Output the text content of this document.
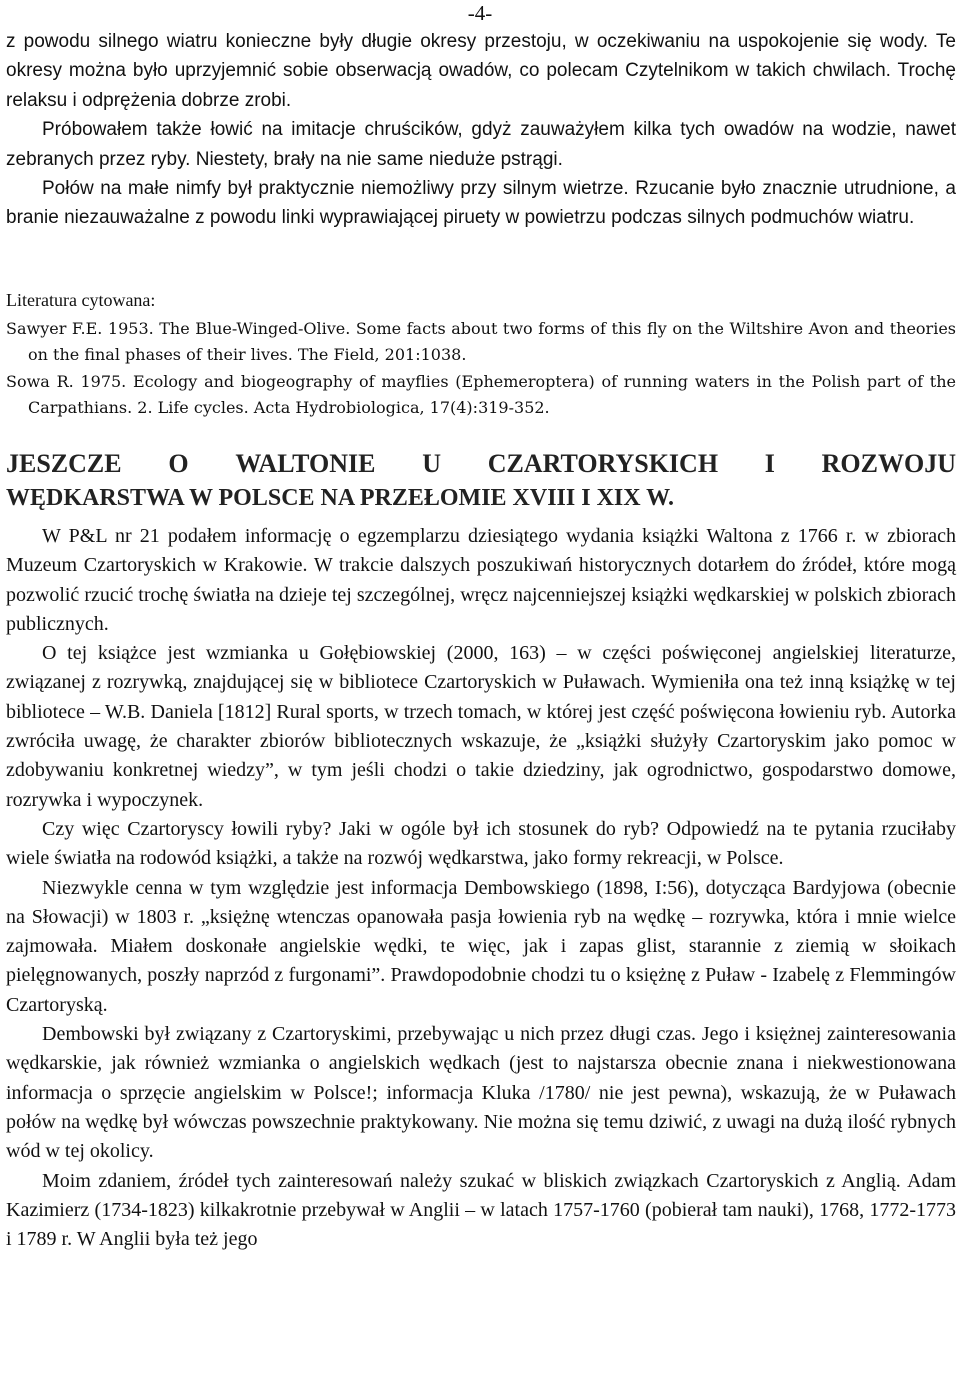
-4-

z powodu silnego wiatru konieczne były długie okresy przestoju, w oczekiwaniu na uspokojenie się wody. Te okresy można było uprzyjemnić sobie obserwacją owadów, co polecam Czytelnikom w takich chwilach. Trochę relaksu i odprężenia dobrze zrobi.

Próbowałem także łowić na imitacje chruścików, gdyż zauważyłem kilka tych owadów na wodzie, nawet zebranych przez ryby. Niestety, brały na nie same nieduże pstrągi.

Połów na małe nimfy był praktycznie niemożliwy przy silnym wietrze. Rzucanie było znacznie utrudnione, a branie niezauważalne z powodu linki wyprawiającej piruety w powietrzu podczas silnych podmuchów wiatru.

Literatura cytowana:
Sawyer F.E. 1953. The Blue-Winged-Olive. Some facts about two forms of this fly on the Wiltshire Avon and theories on the final phases of their lives. The Field, 201:1038.
Sowa R. 1975. Ecology and biogeography of mayflies (Ephemeroptera) of running waters in the Polish part of the Carpathians. 2. Life cycles. Acta Hydrobiologica, 17(4):319-352.
JESZCZE O WALTONIE U CZARTORYSKICH I ROZWOJU
WĘDKARSTWA W POLSCE NA PRZEŁOMIE XVIII I XIX W.

W P&L nr 21 podałem informację o egzemplarzu dziesiątego wydania książki Waltona z 1766 r. w zbiorach Muzeum Czartoryskich w Krakowie. W trakcie dalszych poszukiwań historycznych dotarłem do źródeł, które mogą pozwolić rzucić trochę światła na dzieje tej szczególnej, wręcz najcenniejszej książki wędkarskiej w polskich zbiorach publicznych.

O tej książce jest wzmianka u Gołębiowskiej (2000, 163) – w części poświęconej angielskiej literaturze, związanej z rozrywką, znajdującej się w bibliotece Czartoryskich w Puławach. Wymieniła ona też inną książkę w tej bibliotece – W.B. Daniela [1812] Rural sports, w trzech tomach, w której jest część poświęcona łowieniu ryb. Autorka zwróciła uwagę, że charakter zbiorów bibliotecznych wskazuje, że „książki służyły Czartoryskim jako pomoc w zdobywaniu konkretnej wiedzy”, w tym jeśli chodzi o takie dziedziny, jak ogrodnictwo, gospodarstwo domowe, rozrywka i wypoczynek.

Czy więc Czartoryscy łowili ryby? Jaki w ogóle był ich stosunek do ryb? Odpowiedź na te pytania rzuciłaby wiele światła na rodowód książki, a także na rozwój wędkarstwa, jako formy rekreacji, w Polsce.

Niezwykle cenna w tym względzie jest informacja Dembowskiego (1898, I:56), dotycząca Bardyjowa (obecnie na Słowacji) w 1803 r. „księżnę wtenczas opanowała pasja łowienia ryb na wędkę – rozrywka, która i mnie wielce zajmowała. Miałem doskonałe angielskie wędki, te więc, jak i zapas glist, starannie z ziemią w słoikach pielęgnowanych, poszły naprzód z furgonami”. Prawdopodobnie chodzi tu o księżnę z Puław - Izabelę z Flemmingów Czartoryską.

Dembowski był związany z Czartoryskimi, przebywając u nich przez długi czas. Jego i księżnej zainteresowania wędkarskie, jak również wzmianka o angielskich wędkach (jest to najstarsza obecnie znana i niekwestionowana informacja o sprzęcie angielskim w Polsce!; informacja Kluka /1780/ nie jest pewna), wskazują, że w Puławach połów na wędkę był wówczas powszechnie praktykowany. Nie można się temu dziwić, z uwagi na dużą ilość rybnych wód w tej okolicy.

Moim zdaniem, źródeł tych zainteresowań należy szukać w bliskich związkach Czartoryskich z Anglią. Adam Kazimierz (1734-1823) kilkakrotnie przebywał w Anglii – w latach 1757-1760 (pobierał tam nauki), 1768, 1772-1773 i 1789 r. W Anglii była też jego
